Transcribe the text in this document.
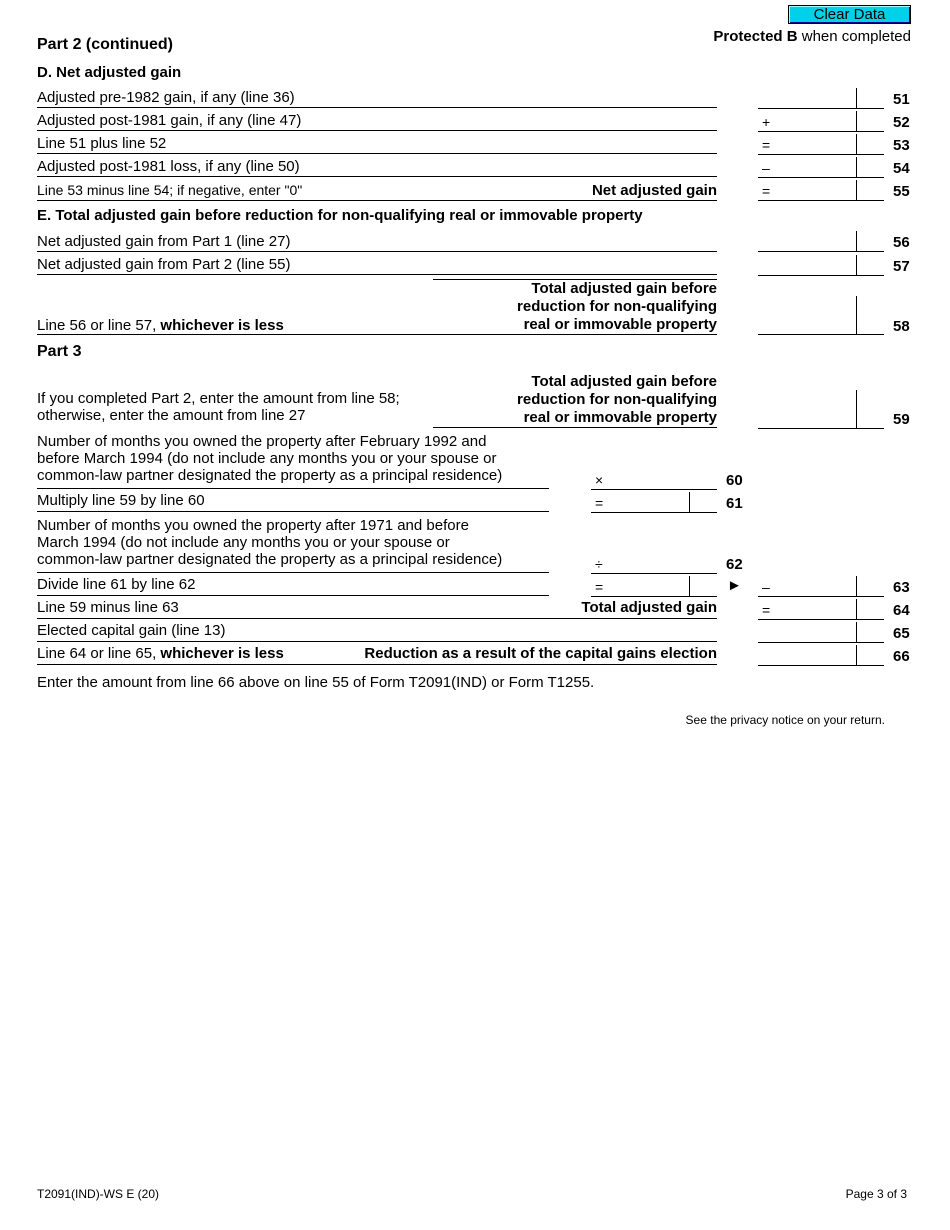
Clear Data
Part 2 (continued)	Protected B when completed
D. Net adjusted gain
Adjusted pre-1982 gain, if any (line 36)	51
Adjusted post-1981 gain, if any (line 47)	+	52
Line 51 plus line 52	=	53
Adjusted post-1981 loss, if any (line 50)	–	54
Line 53 minus line 54; if negative, enter "0"	Net adjusted gain	=	55
E. Total adjusted gain before reduction for non-qualifying real or immovable property
Net adjusted gain from Part 1 (line 27)	56
Net adjusted gain from Part 2 (line 55)	57
Total adjusted gain before
reduction for non-qualifying
real or immovable property
Line 56 or line 57, whichever is less	58
Part 3
Total adjusted gain before
reduction for non-qualifying
real or immovable property
If you completed Part 2, enter the amount from line 58;
otherwise, enter the amount from line 27	59
Number of months you owned the property after February 1992 and
before March 1994 (do not include any months you or your spouse or
common-law partner designated the property as a principal residence)	×	60
Multiply line 59 by line 60	=	61
Number of months you owned the property after 1971 and before
March 1994 (do not include any months you or your spouse or
common-law partner designated the property as a principal residence)	÷	62
Divide line 61 by line 62	=	► –	63
Line 59 minus line 63	Total adjusted gain	=	64
Elected capital gain (line 13)	65
Line 64 or line 65, whichever is less	Reduction as a result of the capital gains election	66
Enter the amount from line 66 above on line 55 of Form T2091(IND) or Form T1255.
See the privacy notice on your return.
T2091(IND)-WS E (20)	Page 3 of 3
